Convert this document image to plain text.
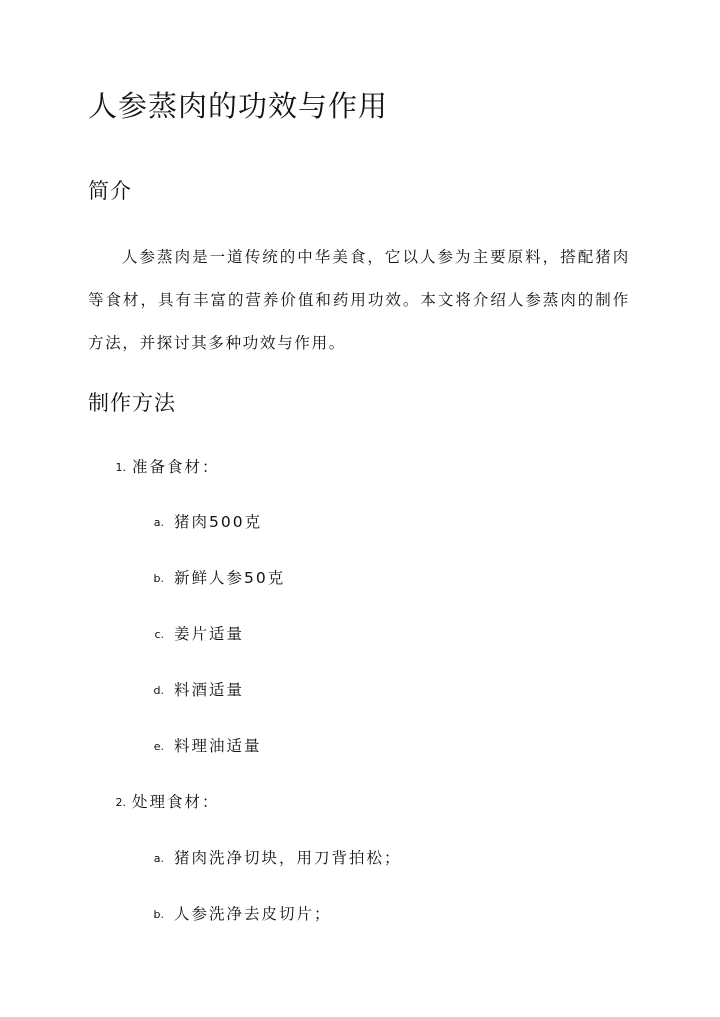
人参蒸肉的功效与作用
简介

人参蒸肉是一道传统的中华美食，它以人参为主要原料，搭配猪肉等食材，具有丰富的营养价值和药用功效。本文将介绍人参蒸肉的制作方法，并探讨其多种功效与作用。

制作方法
1. 准备食材：
a. 猪肉500克
b. 新鲜人参50克
c. 姜片适量
d. 料酒适量
e. 料理油适量
2. 处理食材：
a. 猪肉洗净切块，用刀背拍松；
b. 人参洗净去皮切片；
